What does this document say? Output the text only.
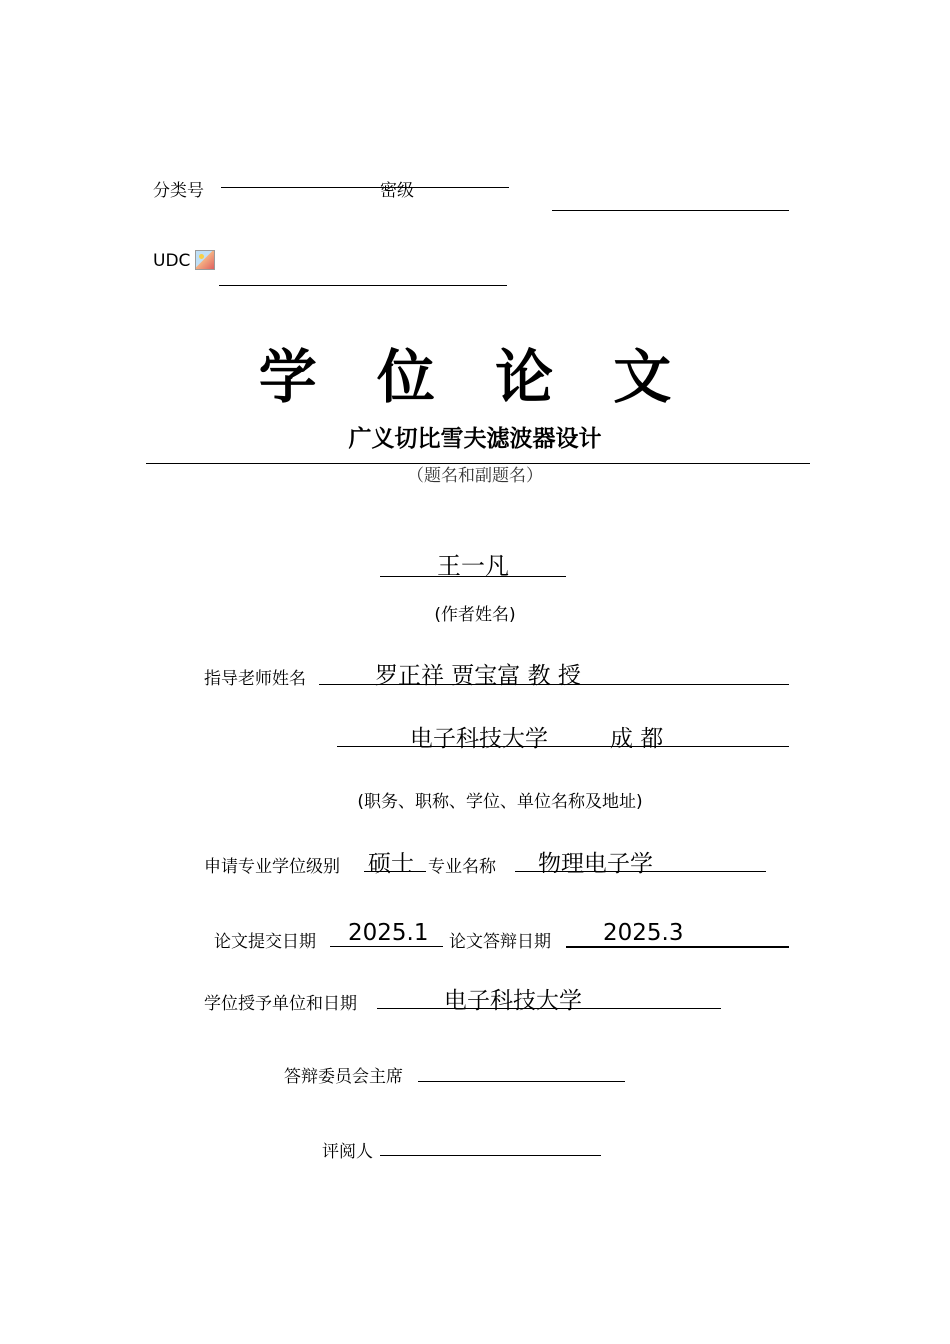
分类号	密级
UDC
学 位 论 文
广义切比雪夫滤波器设计
（题名和副题名）
王一凡
(作者姓名)
指导老师姓名	罗正祥 贾宝富 教 授
电子科技大学	成 都
(职务、职称、学位、单位名称及地址)
申请专业学位级别 硕士 专业名称 物理电子学
论文提交日期 2025.1 论文答辩日期 2025.3
学位授予单位和日期	电子科技大学
答辩委员会主席
评阅人
